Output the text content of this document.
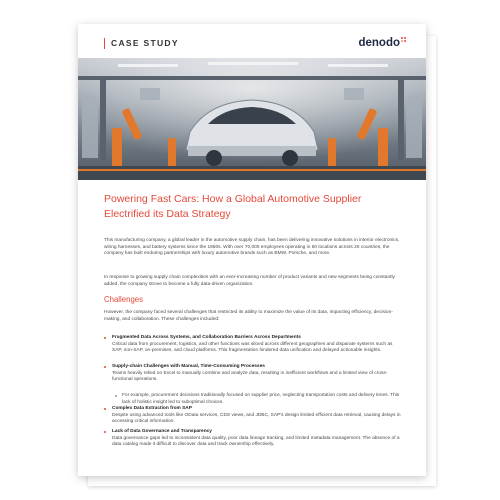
CASE STUDY	denodo
Powering Fast Cars: How a Global Automotive Supplier Electrified its Data Strategy
This manufacturing company, a global leader in the automotive supply chain, has been delivering innovative solutions in interior electronics, wiring harnesses, and battery systems since the 1950s. With over 70,000 employees operating in 60 locations across 20 countries, the company has built enduring partnerships with luxury automotive brands such as BMW, Porsche, and more.
In response to growing supply chain complexities with an ever-increasing number of product variants and new segments being constantly added, the company strove to become a fully data-driven organization.
Challenges
However, the company faced several challenges that restricted its ability to maximize the value of its data, impacting efficiency, decision-making, and collaboration. These challenges included:
Fragmented Data Across Systems, and Collaboration Barriers Across Departments
Critical data from procurement, logistics, and other functions was siloed across different geographies and disparate systems such as SAP, non-SAP, on-premises, and cloud platforms. This fragmentation hindered data unification and delayed actionable insights.
Supply-chain Challenges with Manual, Time-Consuming Processes
Teams heavily relied on Excel to manually combine and analyze data, resulting in inefficient workflows and a limited view of cross-functional operations.
For example, procurement decisions traditionally focused on supplier price, neglecting transportation costs and delivery times. This lack of holistic insight led to suboptimal choices.
Complex Data Extraction from SAP
Despite using advanced tools like OData services, CDS views, and JDBC, SAP's design limited efficient data retrieval, causing delays in accessing critical information.
Lack of Data Governance and Transparency
Data governance gaps led to inconsistent data quality, poor data lineage tracking, and limited metadata management. The absence of a data catalog made it difficult to discover data and track ownership effectively.
